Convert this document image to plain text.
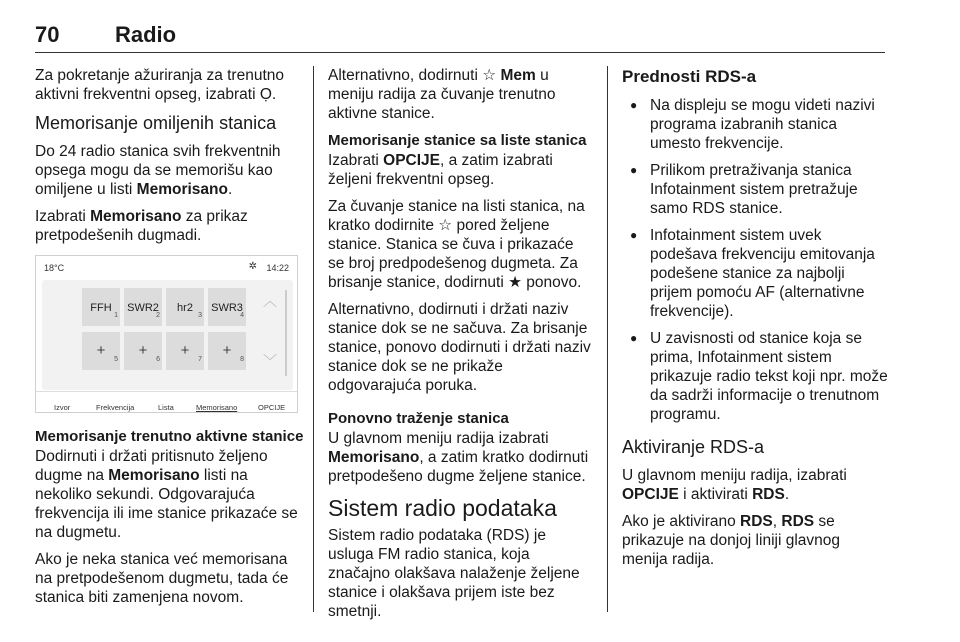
70	Radio

Za pokretanje ažuriranja za trenutno aktivni frekventni opseg, izabrati Ọ.

Memorisanje omiljenih stanica

Do 24 radio stanica svih frekventnih opsega mogu da se memorišu kao omiljene u listi Memorisano.

Izabrati Memorisano za prikaz pretpodešenih dugmadi.

18°C	✲ 14:22
FFH
1
SWR2
2
hr2
3
SWR3
4
+
5
+
6
+
7
+
8
︿
﹀
Izvor	Frekvencija	Lista	Memorisano	OPCIJE
Memorisanje trenutno aktivne stanice

Dodirnuti i držati pritisnuto željeno dugme na Memorisano listi na nekoliko sekundi. Odgovarajuća frekvencija ili ime stanice prikazaće se na dugmetu.

Ako je neka stanica već memorisana na pretpodešenom dugmetu, tada će stanica biti zamenjena novom.

Alternativno, dodirnuti ☆ Mem u meniju radija za čuvanje trenutno aktivne stanice.

Memorisanje stanice sa liste stanica

Izabrati OPCIJE, a zatim izabrati željeni frekventni opseg.

Za čuvanje stanice na listi stanica, na kratko dodirnite ☆ pored željene stanice. Stanica se čuva i prikazaće se broj predpodešenog dugmeta. Za brisanje stanice, dodirnuti ★ ponovo.

Alternativno, dodirnuti i držati naziv stanice dok se ne sačuva. Za brisanje stanice, ponovo dodirnuti i držati naziv stanice dok se ne prikaže odgovarajuća poruka.

Ponovno traženje stanica

U glavnom meniju radija izabrati Memorisano, a zatim kratko dodirnuti pretpodešeno dugme željene stanice.

Sistem radio podataka

Sistem radio podataka (RDS) je usluga FM radio stanica, koja značajno olakšava nalaženje željene stanice i olakšava prijem iste bez smetnji.

Prednosti RDS-a
● Na displeju se mogu videti nazivi programa izabranih stanica umesto frekvencije.
● Prilikom pretraživanja stanica Infotainment sistem pretražuje samo RDS stanice.
● Infotainment sistem uvek podešava frekvenciju emitovanja podešene stanice za najbolji prijem pomoću AF (alternativne frekvencije).
● U zavisnosti od stanice koja se prima, Infotainment sistem prikazuje radio tekst koji npr. može da sadrži informacije o trenutnom programu.
Aktiviranje RDS-a

U glavnom meniju radija, izabrati OPCIJE i aktivirati RDS.

Ako je aktivirano RDS, RDS se prikazuje na donjoj liniji glavnog menija radija.
